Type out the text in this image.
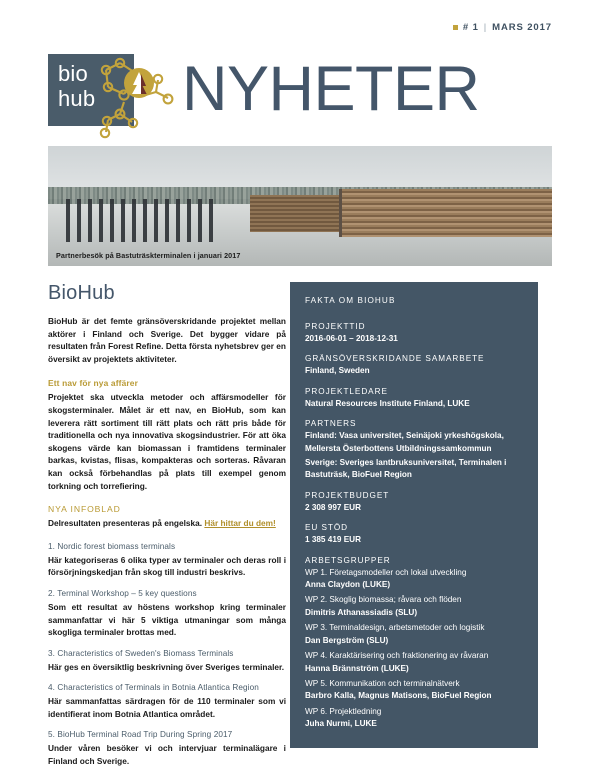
# 1 | MARS 2017
bio
hub NYHETER
Partnerbesök på Bastuträskterminalen i januari 2017
BioHub

BioHub är det femte gränsöverskridande projektet mellan aktörer i Finland och Sverige. Det bygger vidare på resultaten från Forest Refine. Detta första nyhetsbrev ger en översikt av projektets aktiviteter.

Ett nav för nya affärer

Projektet ska utveckla metoder och affärsmodeller för skogsterminaler. Målet är ett nav, en BioHub, som kan leverera rätt sortiment till rätt plats och rätt pris både för traditionella och nya innovativa skogsindustrier. För att öka skogens värde kan biomassan i framtidens terminaler barkas, kvistas, flisas, kompakteras och sorteras. Råvaran kan också förbehandlas på plats till exempel genom torkning och torrefiering.

NYA INFOBLAD

Delresultaten presenteras på engelska. Här hittar du dem!

1. Nordic forest biomass terminals
Här kategoriseras 6 olika typer av terminaler och deras roll i försörjningskedjan från skog till industri beskrivs.
2. Terminal Workshop – 5 key questions
Som ett resultat av höstens workshop kring terminaler sammanfattar vi här 5 viktiga utmaningar som många skogliga terminaler brottas med.
3. Characteristics of Sweden's Biomass Terminals
Här ges en översiktlig beskrivning över Sveriges terminaler.
4. Characteristics of Terminals in Botnia Atlantica Region
Här sammanfattas särdragen för de 110 terminaler som vi identifierat inom Botnia Atlantica området.
5. BioHub Terminal Road Trip During Spring 2017
Under våren besöker vi och intervjuar terminalägare i Finland och Sverige.
FAKTA OM BIOHUB
PROJEKTTID
2016-06-01 – 2018-12-31
GRÄNSÖVERSKRIDANDE SAMARBETE
Finland, Sweden
PROJEKTLEDARE
Natural Resources Institute Finland, LUKE
PARTNERS
Finland: Vasa universitet, Seinäjoki yrkeshögskola, Mellersta Österbottens Utbildningssamkommun
Sverige: Sveriges lantbruksuniversitet, Terminalen i Bastuträsk, BioFuel Region
PROJEKTBUDGET
2 308 997 EUR
EU STÖD
1 385 419 EUR
ARBETSGRUPPER
WP 1. Företagsmodeller och lokal utveckling
Anna Claydon (LUKE)
WP 2. Skoglig biomassa; råvara och flöden
Dimitris Athanassiadis (SLU)
WP 3. Terminaldesign, arbetsmetoder och logistik
Dan Bergström (SLU)
WP 4. Karaktärisering och fraktionering av råvaran
Hanna Brännström (LUKE)
WP 5. Kommunikation och terminalnätverk
Barbro Kalla, Magnus Matisons, BioFuel Region
WP 6. Projektledning
Juha Nurmi, LUKE
